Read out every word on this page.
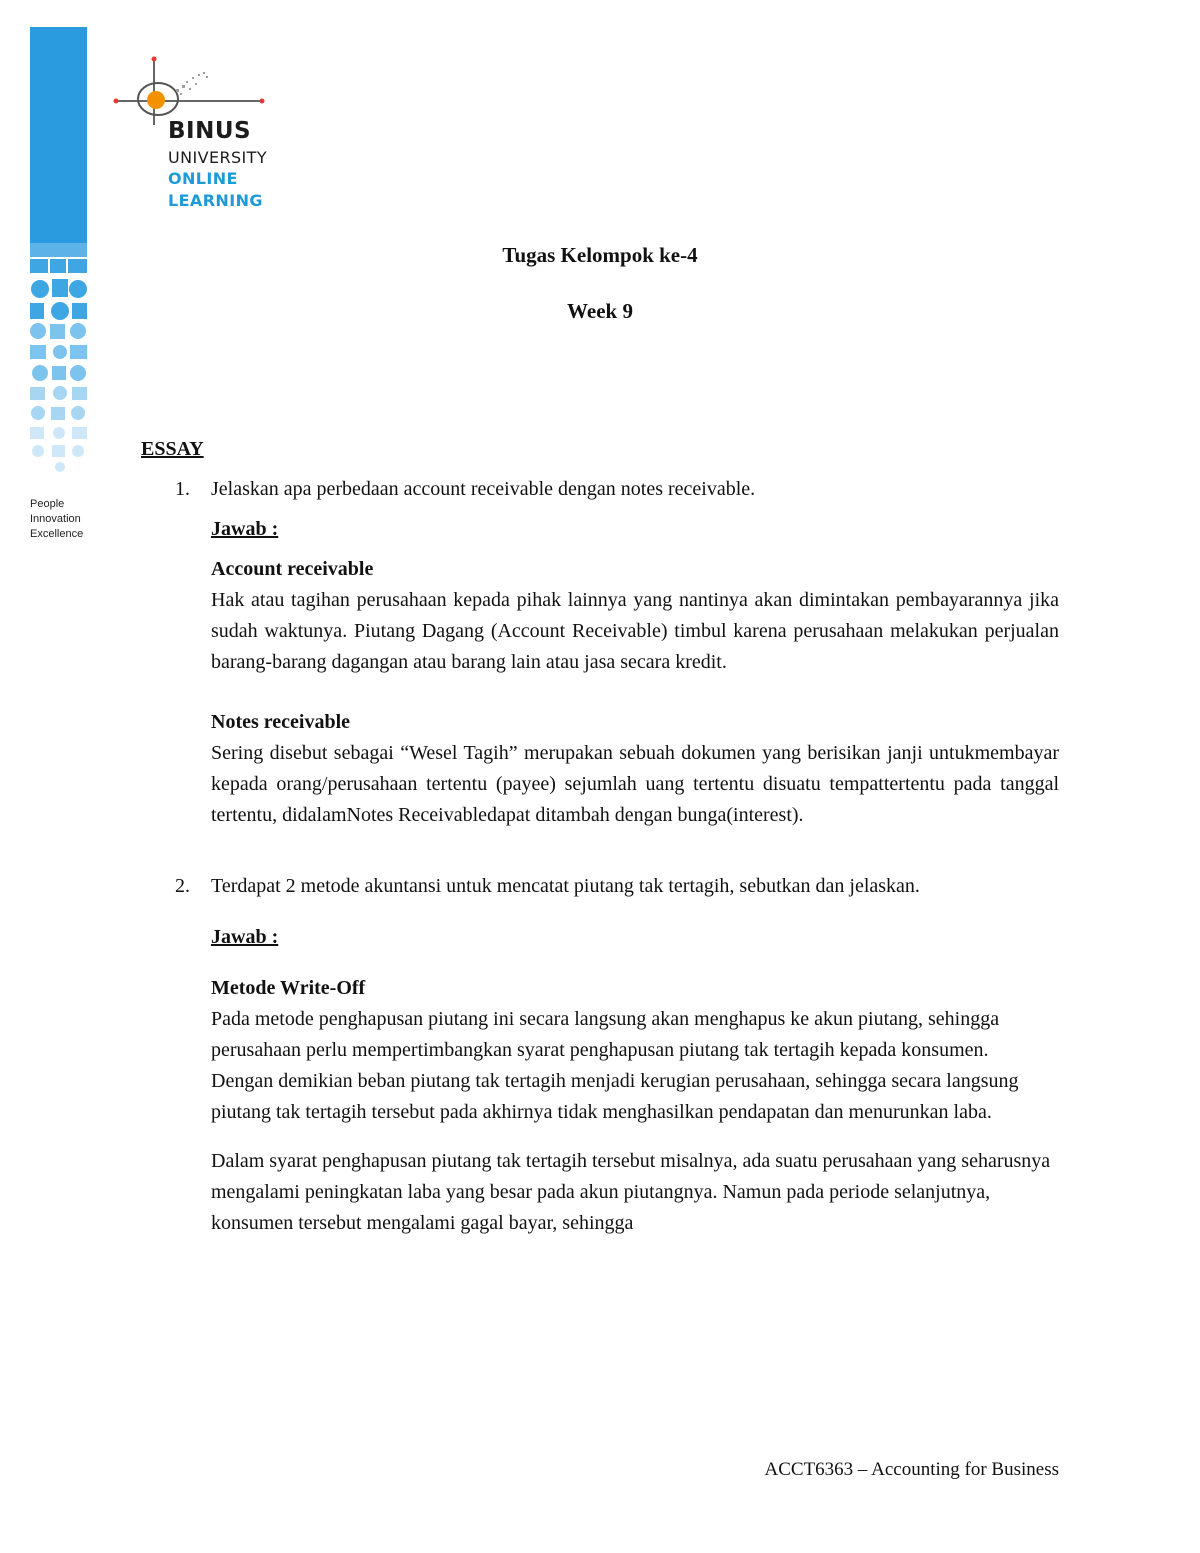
People
Innovation
Excellence
BINUS
UNIVERSITY
ONLINE
LEARNING
Tugas Kelompok ke-4
Week 9
ESSAY
1. Jelaskan apa perbedaan account receivable dengan notes receivable.
Jawab :
Account receivable
Hak atau tagihan perusahaan kepada pihak lainnya yang nantinya akan dimintakan pembayarannya jika sudah waktunya. Piutang Dagang (Account Receivable) timbul karena perusahaan melakukan perjualan barang-barang dagangan atau barang lain atau jasa secara kredit.
Notes receivable
Sering disebut sebagai “Wesel Tagih” merupakan sebuah dokumen yang berisikan janji untukmembayar kepada orang/perusahaan tertentu (payee) sejumlah uang tertentu disuatu tempattertentu pada tanggal tertentu, didalamNotes Receivabledapat ditambah dengan bunga(interest).
2. Terdapat 2 metode akuntansi untuk mencatat piutang tak tertagih, sebutkan dan jelaskan.
Jawab :
Metode Write-Off
Pada metode penghapusan piutang ini secara langsung akan menghapus ke akun piutang, sehingga perusahaan perlu mempertimbangkan syarat penghapusan piutang tak tertagih kepada konsumen.
Dengan demikian beban piutang tak tertagih menjadi kerugian perusahaan, sehingga secara langsung piutang tak tertagih tersebut pada akhirnya tidak menghasilkan pendapatan dan menurunkan laba.
Dalam syarat penghapusan piutang tak tertagih tersebut misalnya, ada suatu perusahaan yang seharusnya mengalami peningkatan laba yang besar pada akun piutangnya. Namun pada periode selanjutnya, konsumen tersebut mengalami gagal bayar, sehingga
ACCT6363 – Accounting for Business
